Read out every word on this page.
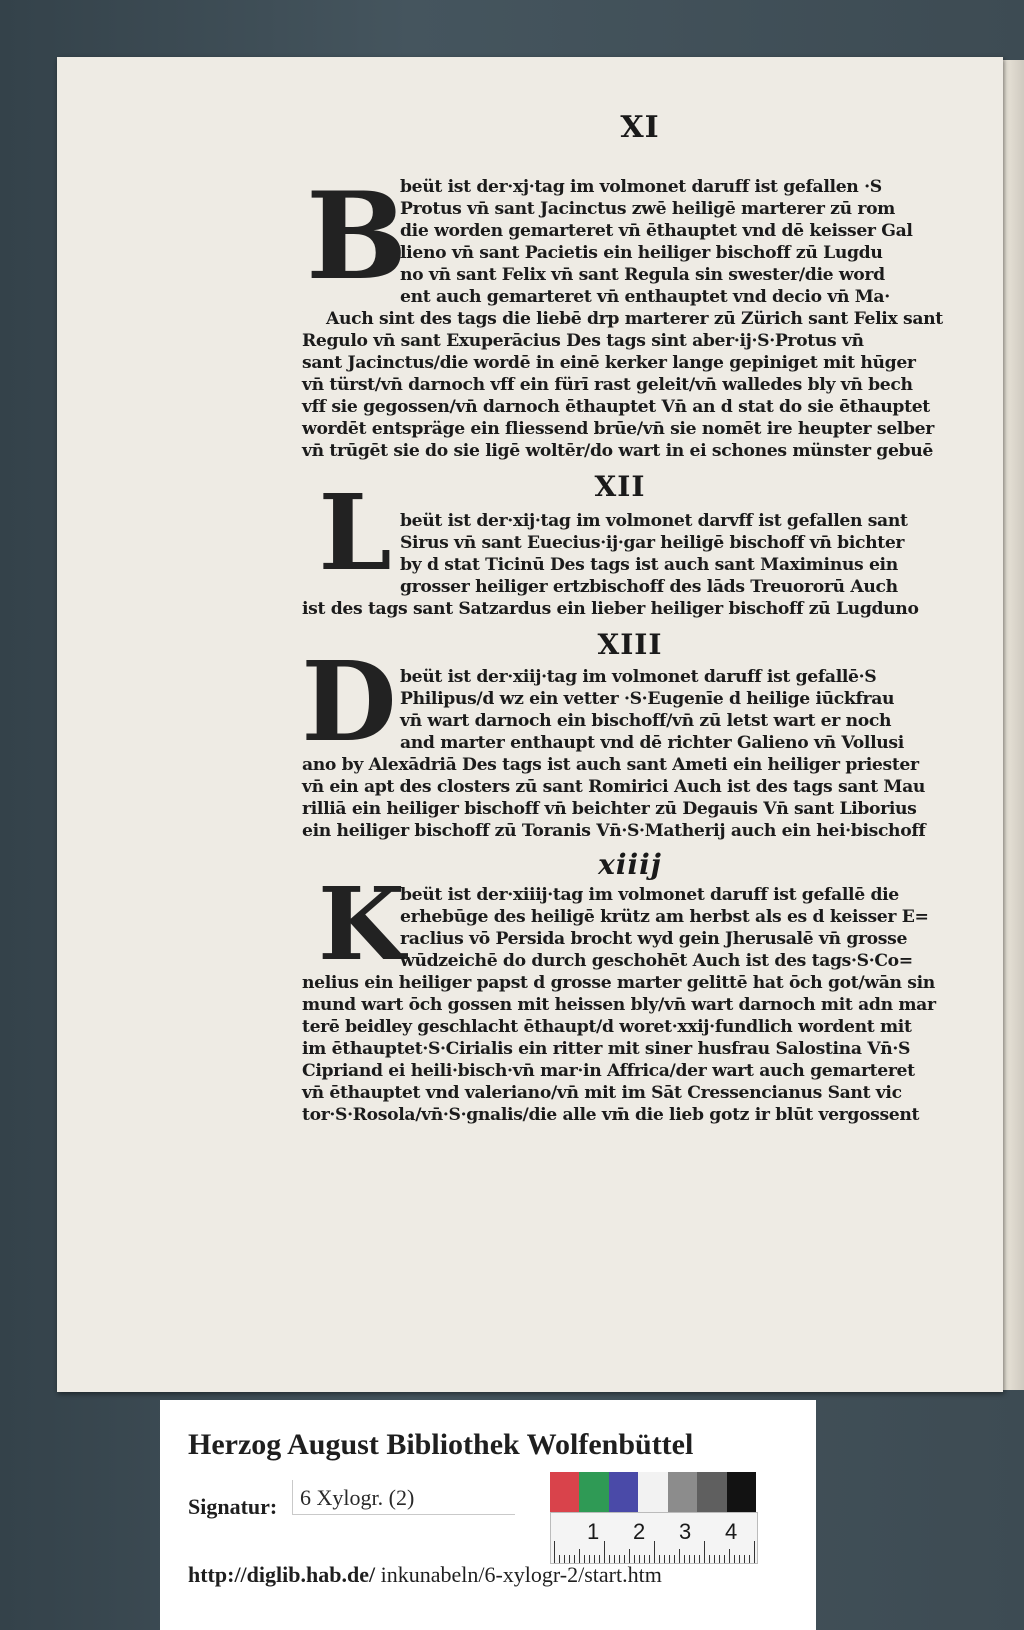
XI
B
beüt ist der·xj·tag im volmonet daruff ist gefallen ·S
Protus vn̄ sant Jacinctus zwē heiligē marterer zū rom
die worden gemarteret vn̄ ēthauptet vnd dē keisser Gal
lieno vn̄ sant Pacietis ein heiliger bischoff zū Lugdu
no vn̄ sant Felix vn̄ sant Regula sin swester/die word
ent auch gemarteret vn̄ enthauptet vnd decio vn̄ Ma·
Auch sint des tags die liebē drp marterer zū Zürich sant Felix sant
Regulo vn̄ sant Exuperācius Des tags sint aber·ij·S·Protus vn̄
sant Jacinctus/die wordē in einē kerker lange gepiniget mit hūger
vn̄ türst/vn̄ darnoch vff ein fürī rast geleit/vn̄ walledes bly vn̄ bech
vff sie gegossen/vn̄ darnoch ēthauptet Vn̄ an d stat do sie ēthauptet
wordēt entspräge ein fliessend brūe/vn̄ sie nomēt ire heupter selber
vn̄ trūgēt sie do sie ligē woltēr/do wart in ei schones münster gebuē
XII
L beüt ist der·xij·tag im volmonet darvff ist gefallen sant
Sirus vn̄ sant Euecius·ij·gar heiligē bischoff vn̄ bichter
by d stat Ticinū Des tags ist auch sant Maximinus ein
grosser heiliger ertzbischoff des lāds Treuororū Auch
ist des tags sant Satzardus ein lieber heiliger bischoff zū Lugduno
XIII
D beüt ist der·xiij·tag im volmonet daruff ist gefallē·S
Philipus/d wz ein vetter ·S·Eugenīe d heilige iūckfrau
vn̄ wart darnoch ein bischoff/vn̄ zū letst wart er noch
and marter enthaupt vnd dē richter Galieno vn̄ Vollusi
ano by Alexādriā Des tags ist auch sant Ameti ein heiliger priester
vn̄ ein apt des closters zū sant Romirici Auch ist des tags sant Mau
rilliā ein heiliger bischoff vn̄ beichter zū Degauis Vn̄ sant Liborius
ein heiliger bischoff zū Toranis Vn̄·S·Matherij auch ein hei·bischoff
xiiij
K
beüt ist der·xiiij·tag im volmonet daruff ist gefallē die
erhebūge des heiligē krütz am herbst als es d keisser E=
raclius vō Persida brocht wyd gein Jherusalē vn̄ grosse
wūdzeichē do durch geschohēt Auch ist des tags·S·Co=
nelius ein heiliger papst d grosse marter gelittē hat ōch got/wān sin
mund wart ōch gossen mit heissen bly/vn̄ wart darnoch mit adn mar
terē beidley geschlacht ēthaupt/d woret·xxij·fundlich wordent mit
im ēthauptet·S·Cirialis ein ritter mit siner husfrau Salostina Vn̄·S
Cipriand ei heili·bisch·vn̄ mar·in Affrica/der wart auch gemarteret
vn̄ ēthauptet vnd valeriano/vn̄ mit im Sāt Cressencianus Sant vic
tor·S·Rosola/vn̄·S·gnalis/die alle vm̄ die lieb gotz ir blūt vergossent
Herzog August Bibliothek Wolfenbüttel
Signatur: 6 Xylogr. (2)
1 2 3 4
http://diglib.hab.de/ inkunabeln/6-xylogr-2/start.htm
